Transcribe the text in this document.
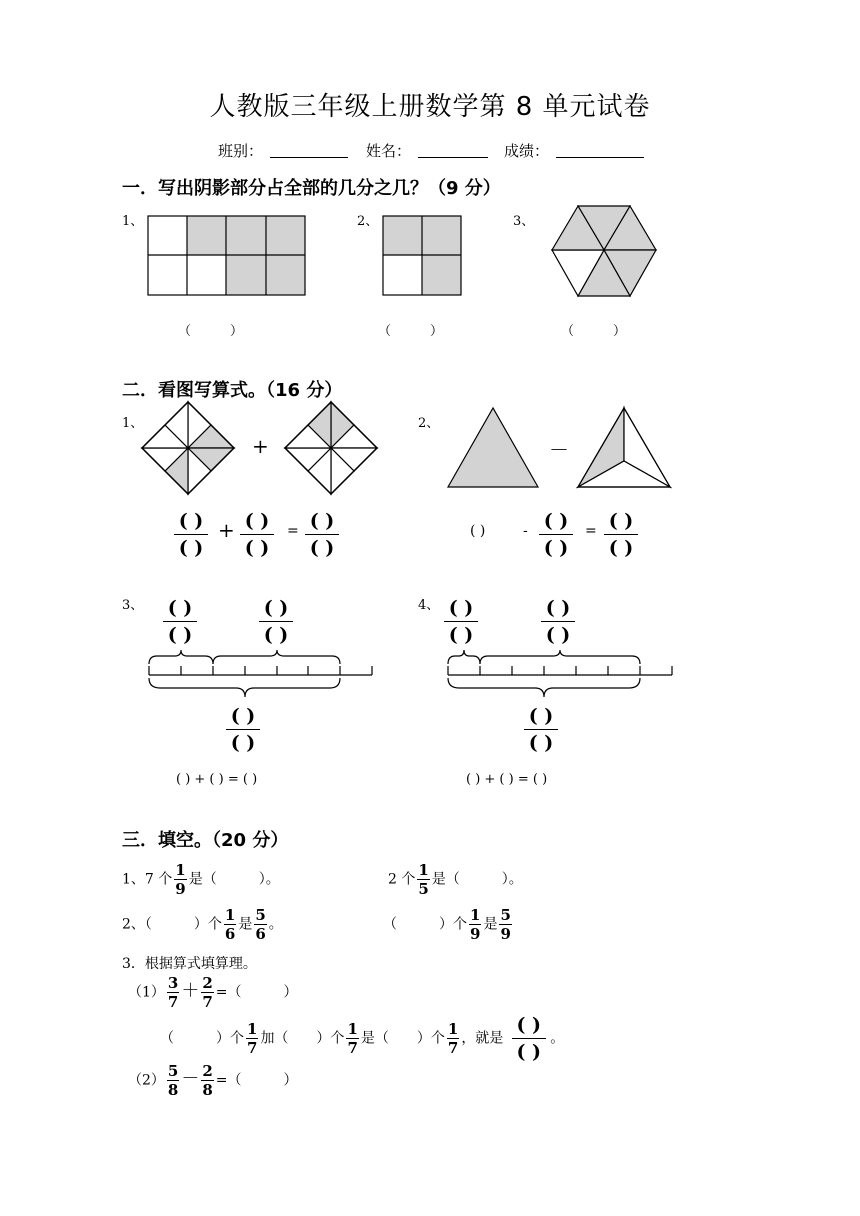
人教版三年级上册数学第 8 单元试卷
班别：	姓名：	成绩：
一．写出阴影部分占全部的几分之几？（9 分）
1、	2、	3、
（　　　）	（　　　）	（　　　）
二．看图写算式。（16 分）
1、	2、
+	－
( )
( )
+ ( )
( )
= ( )
( )
( )	- ( )
( )
= ( )
( )
3、 ( )
( )
( )
( )
( )
( )
( ) + ( ) = ( )
4、 ( )
( )
( )
( )
( )
( )
( ) + ( ) = ( )
三．填空。（20 分）
1、7 个 $\frac{1}{9}$ 是（　　　）。	2 个 $\frac{1}{5}$ 是（　　　）。
2、（　　　）个 $\frac{1}{6}$ 是 $\frac{5}{6}$ 。	（　　　）个 $\frac{1}{9}$ 是 $\frac{5}{9}$
3．根据算式填算理。
$(1) \frac{3}{7} + \frac{2}{7}$ =（　　　）
（　　　）个 $\frac{1}{7}$ 加（　　）个 $\frac{1}{7}$ 是（　　）个 $\frac{1}{7}$ ，就是
( )
( )
。
$(2) \frac{5}{8} - \frac{2}{8}$ =（　　　）
